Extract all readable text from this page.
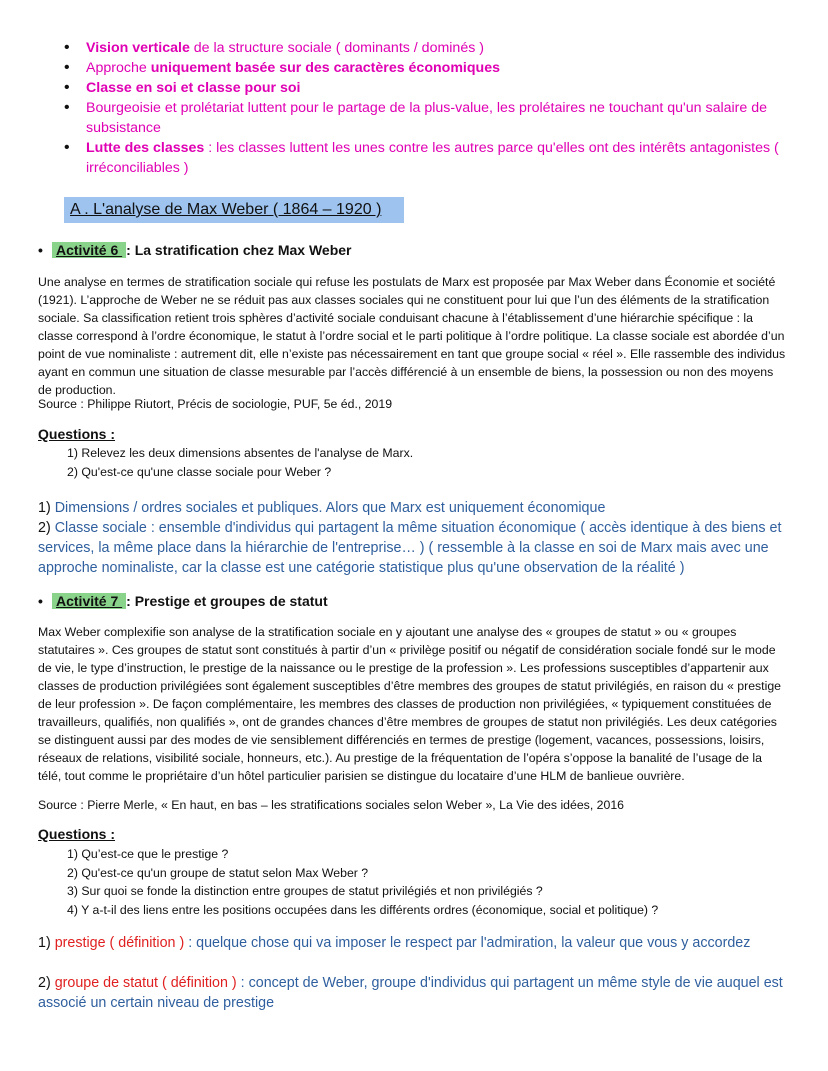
• Vision verticale de la structure sociale ( dominants / dominés )
• Approche uniquement basée sur des caractères économiques
• Classe en soi et classe pour soi
• Bourgeoisie et prolétariat luttent pour le partage de la plus-value, les prolétaires ne touchant qu'un salaire de subsistance
• Lutte des classes : les classes luttent les unes contre les autres parce qu'elles ont des intérêts antagonistes ( irréconciliables )
A . L'analyse de Max Weber ( 1864 – 1920 )
• Activité 6 : La stratification chez Max Weber

Une analyse en termes de stratification sociale qui refuse les postulats de Marx est proposée par Max Weber dans Économie et société (1921). L’approche de Weber ne se réduit pas aux classes sociales qui ne constituent pour lui que l’un des éléments de la stratification sociale. Sa classification retient trois sphères d’activité sociale conduisant chacune à l’établissement d’une hiérarchie spécifique : la classe correspond à l’ordre économique, le statut à l’ordre social et le parti politique à l’ordre politique. La classe sociale est abordée d’un point de vue nominaliste : autrement dit, elle n’existe pas nécessairement en tant que groupe social « réel ». Elle rassemble des individus ayant en commun une situation de classe mesurable par l’accès différencié à un ensemble de biens, la possession ou non des moyens de production.

Source : Philippe Riutort, Précis de sociologie, PUF, 5e éd., 2019

Questions :
1) Relevez les deux dimensions absentes de l'analyse de Marx.
2) Qu'est-ce qu'une classe sociale pour Weber ?

1) Dimensions / ordres sociales et publiques. Alors que Marx est uniquement économique

2) Classe sociale : ensemble d'individus qui partagent la même situation économique ( accès identique à des biens et services, la même place dans la hiérarchie de l'entreprise… ) ( ressemble à la classe en soi de Marx mais avec une approche nominaliste, car la classe est une catégorie statistique plus qu'une observation de la réalité )

• Activité 7 : Prestige et groupes de statut

Max Weber complexifie son analyse de la stratification sociale en y ajoutant une analyse des « groupes de statut » ou « groupes statutaires ». Ces groupes de statut sont constitués à partir d’un « privilège positif ou négatif de considération sociale fondé sur le mode de vie, le type d’instruction, le prestige de la naissance ou le prestige de la profession ». Les professions susceptibles d’appartenir aux classes de production privilégiées sont également susceptibles d’être membres des groupes de statut privilégiés, en raison du « prestige de leur profession ». De façon complémentaire, les membres des classes de production non privilégiées, « typiquement constituées de travailleurs, qualifiés, non qualifiés », ont de grandes chances d’être membres de groupes de statut non privilégiés. Les deux catégories se distinguent aussi par des modes de vie sensiblement différenciés en termes de prestige (logement, vacances, possessions, loisirs, réseaux de relations, visibilité sociale, honneurs, etc.). Au prestige de la fréquentation de l’opéra s’oppose la banalité de l’usage de la télé, tout comme le propriétaire d’un hôtel particulier parisien se distingue du locataire d’une HLM de banlieue ouvrière.

Source : Pierre Merle, « En haut, en bas – les stratifications sociales selon Weber », La Vie des idées, 2016

Questions :
1) Qu’est-ce que le prestige ?
2) Qu'est-ce qu'un groupe de statut selon Max Weber ?
3) Sur quoi se fonde la distinction entre groupes de statut privilégiés et non privilégiés ?
4) Y a-t-il des liens entre les positions occupées dans les différents ordres (économique, social et politique) ?

1) prestige ( définition ) : quelque chose qui va imposer le respect par l'admiration, la valeur que vous y accordez

2) groupe de statut ( définition ) : concept de Weber, groupe d'individus qui partagent un même style de vie auquel est associé un certain niveau de prestige
